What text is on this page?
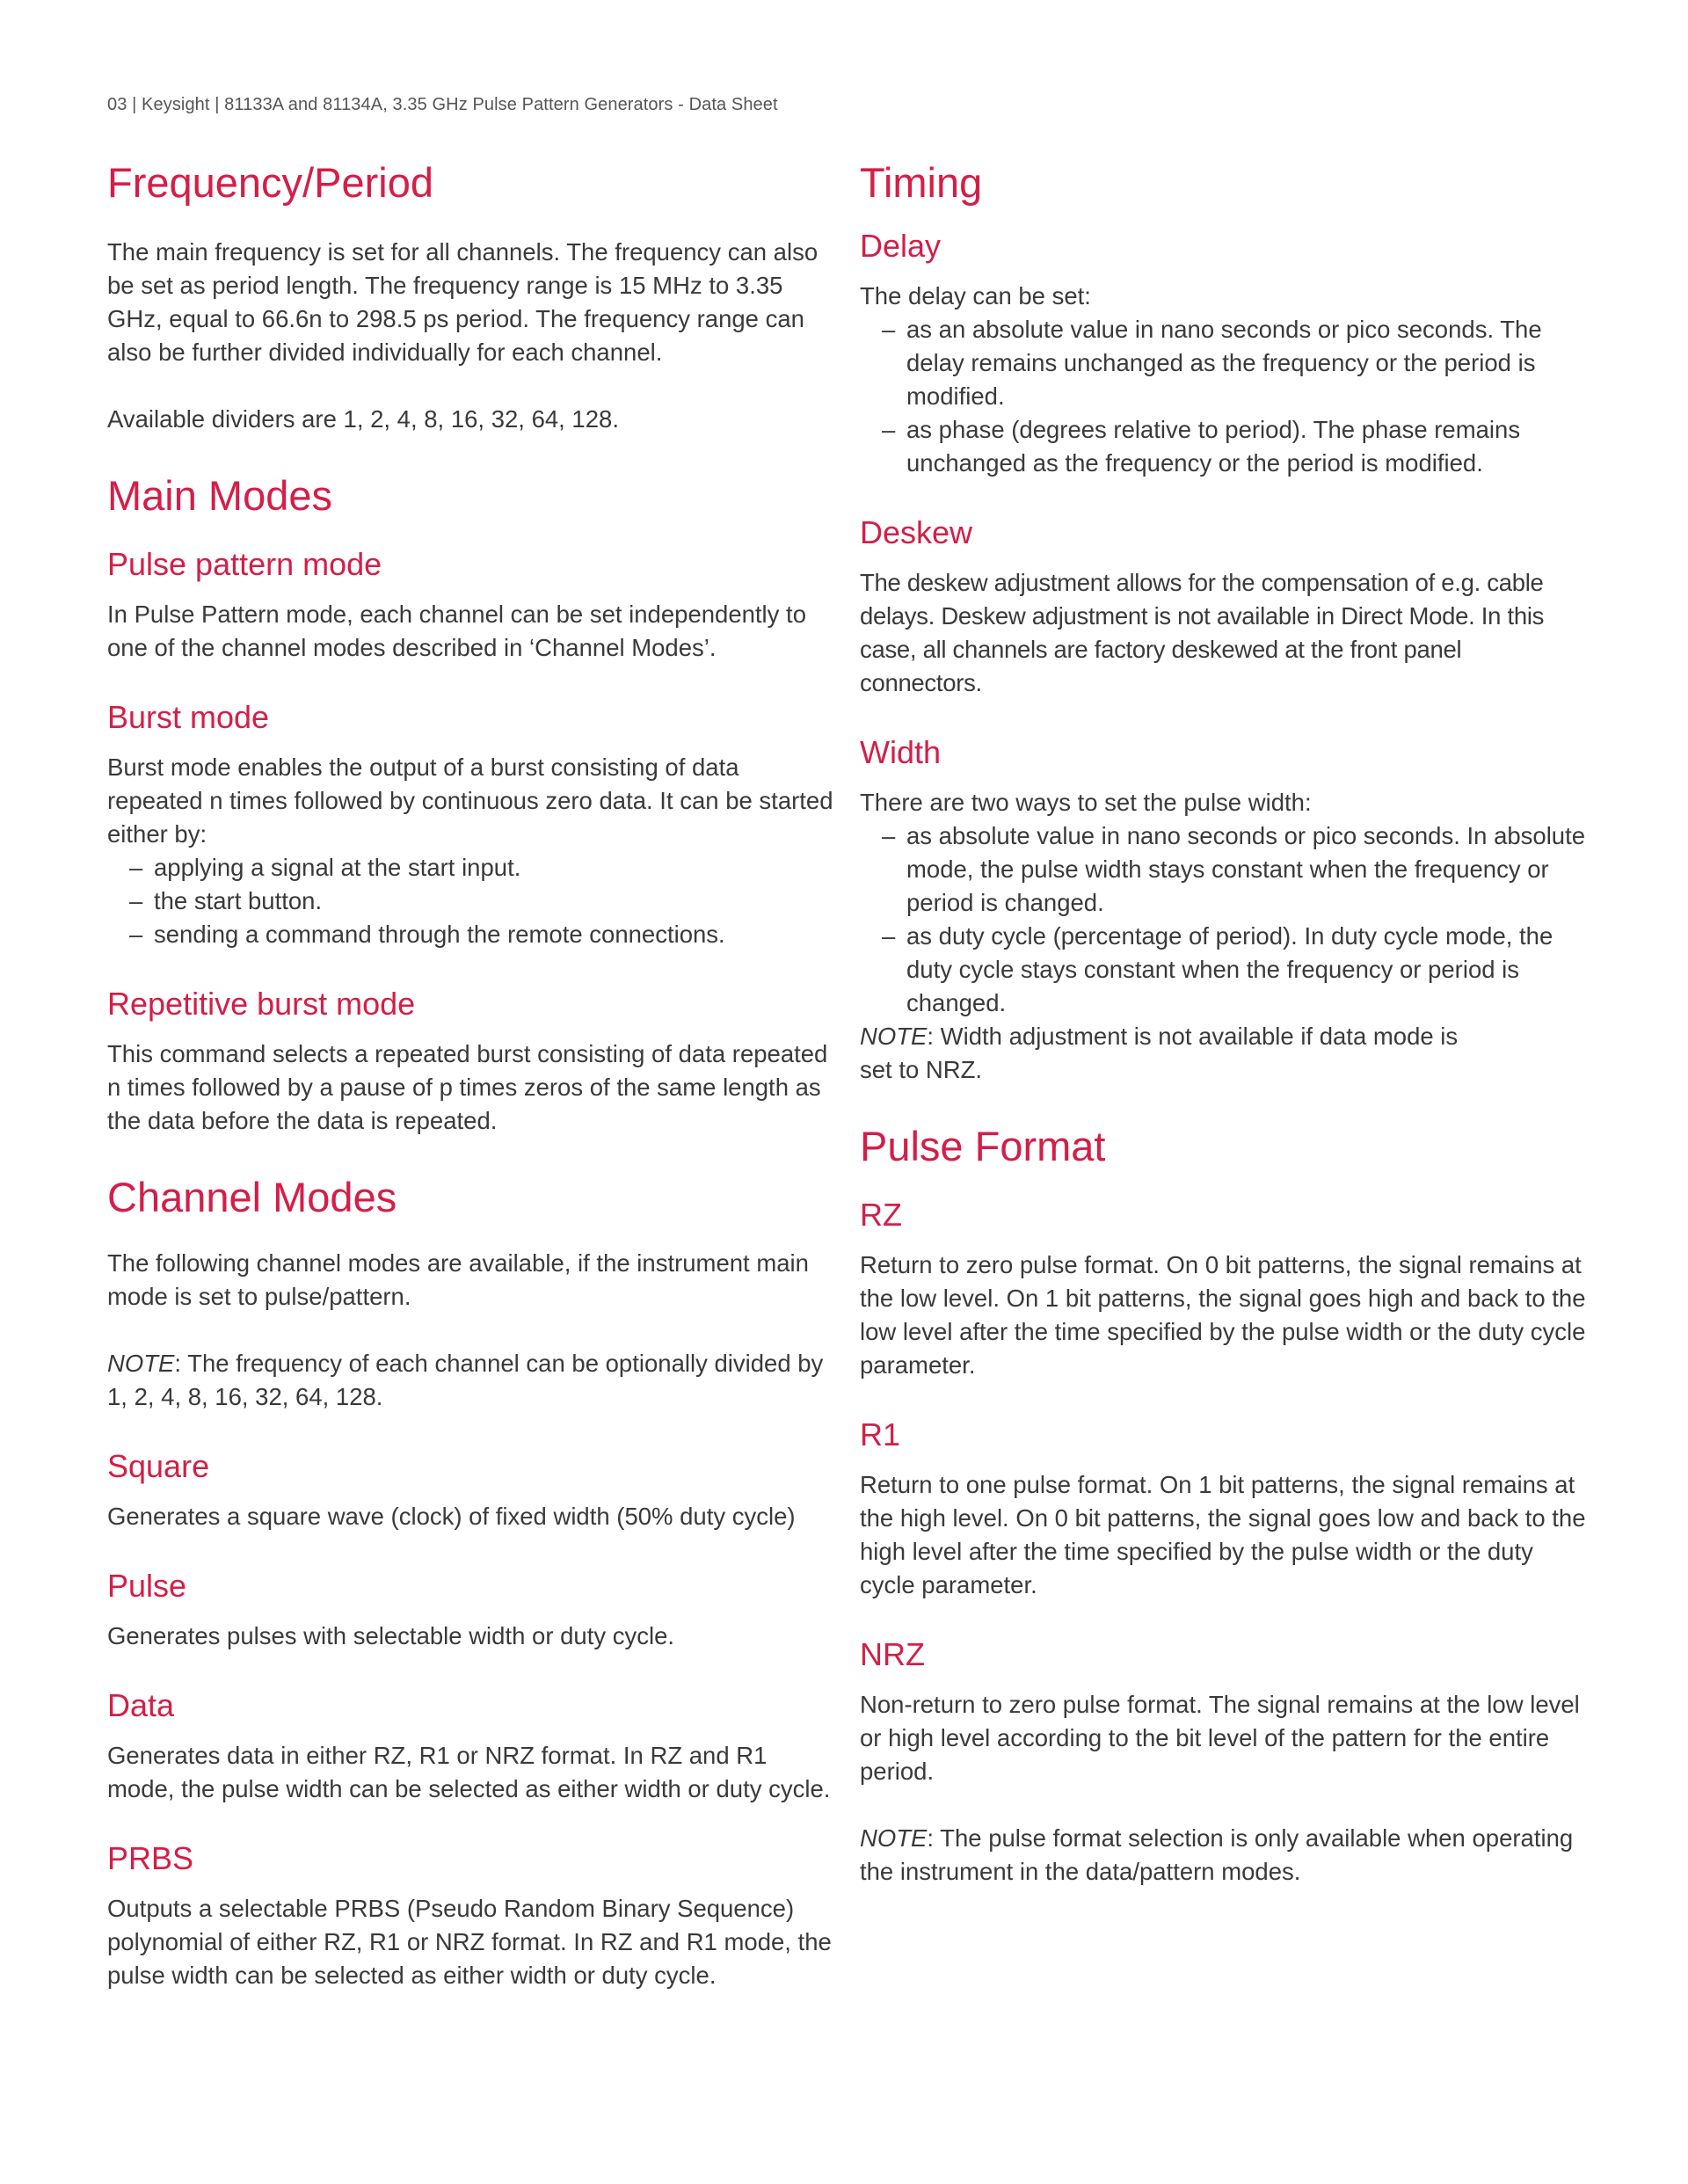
03 | Keysight | 81133A and 81134A, 3.35 GHz Pulse Pattern Generators - Data Sheet
Frequency/Period

The main frequency is set for all channels. The frequency can also be set as period length. The frequency range is 15 MHz to 3.35 GHz, equal to 66.6n to 298.5 ps period. The frequency range can also be further divided individually for each channel.

Available dividers are 1, 2, 4, 8, 16, 32, 64, 128.

Main Modes
Pulse pattern mode

In Pulse Pattern mode, each channel can be set independently to one of the channel modes described in ‘Channel Modes’.

Burst mode

Burst mode enables the output of a burst consisting of data repeated n times followed by continuous zero data. It can be started either by:

– applying a signal at the start input.
– the start button.
– sending a command through the remote connections.
Repetitive burst mode

This command selects a repeated burst consisting of data repeated n times followed by a pause of p times zeros of the same length as the data before the data is repeated.

Channel Modes

The following channel modes are available, if the instrument main mode is set to pulse/pattern.

NOTE: The frequency of each channel can be optionally divided by 1, 2, 4, 8, 16, 32, 64, 128.

Square

Generates a square wave (clock) of fixed width (50% duty cycle)

Pulse

Generates pulses with selectable width or duty cycle.

Data

Generates data in either RZ, R1 or NRZ format. In RZ and R1 mode, the pulse width can be selected as either width or duty cycle.

PRBS

Outputs a selectable PRBS (Pseudo Random Binary Sequence) polynomial of either RZ, R1 or NRZ format. In RZ and R1 mode, the pulse width can be selected as either width or duty cycle.

Timing
Delay

The delay can be set:

– as an absolute value in nano seconds or pico seconds. The delay remains unchanged as the frequency or the period is modified.
– as phase (degrees relative to period). The phase remains unchanged as the frequency or the period is modified.
Deskew

The deskew adjustment allows for the compensation of e.g. cable delays. Deskew adjustment is not available in Direct Mode. In this case, all channels are factory deskewed at the front panel connectors.

Width

There are two ways to set the pulse width:

– as absolute value in nano seconds or pico seconds. In absolute mode, the pulse width stays constant when the frequency or period is changed.
– as duty cycle (percentage of period). In duty cycle mode, the duty cycle stays constant when the frequency or period is changed.

NOTE: Width adjustment is not available if data mode is set to NRZ.

Pulse Format
RZ

Return to zero pulse format. On 0 bit patterns, the signal remains at the low level. On 1 bit patterns, the signal goes high and back to the low level after the time specified by the pulse width or the duty cycle parameter.

R1

Return to one pulse format. On 1 bit patterns, the signal remains at the high level. On 0 bit patterns, the signal goes low and back to the high level after the time specified by the pulse width or the duty cycle parameter.

NRZ

Non-return to zero pulse format. The signal remains at the low level or high level according to the bit level of the pattern for the entire period.

NOTE: The pulse format selection is only available when operating the instrument in the data/pattern modes.
